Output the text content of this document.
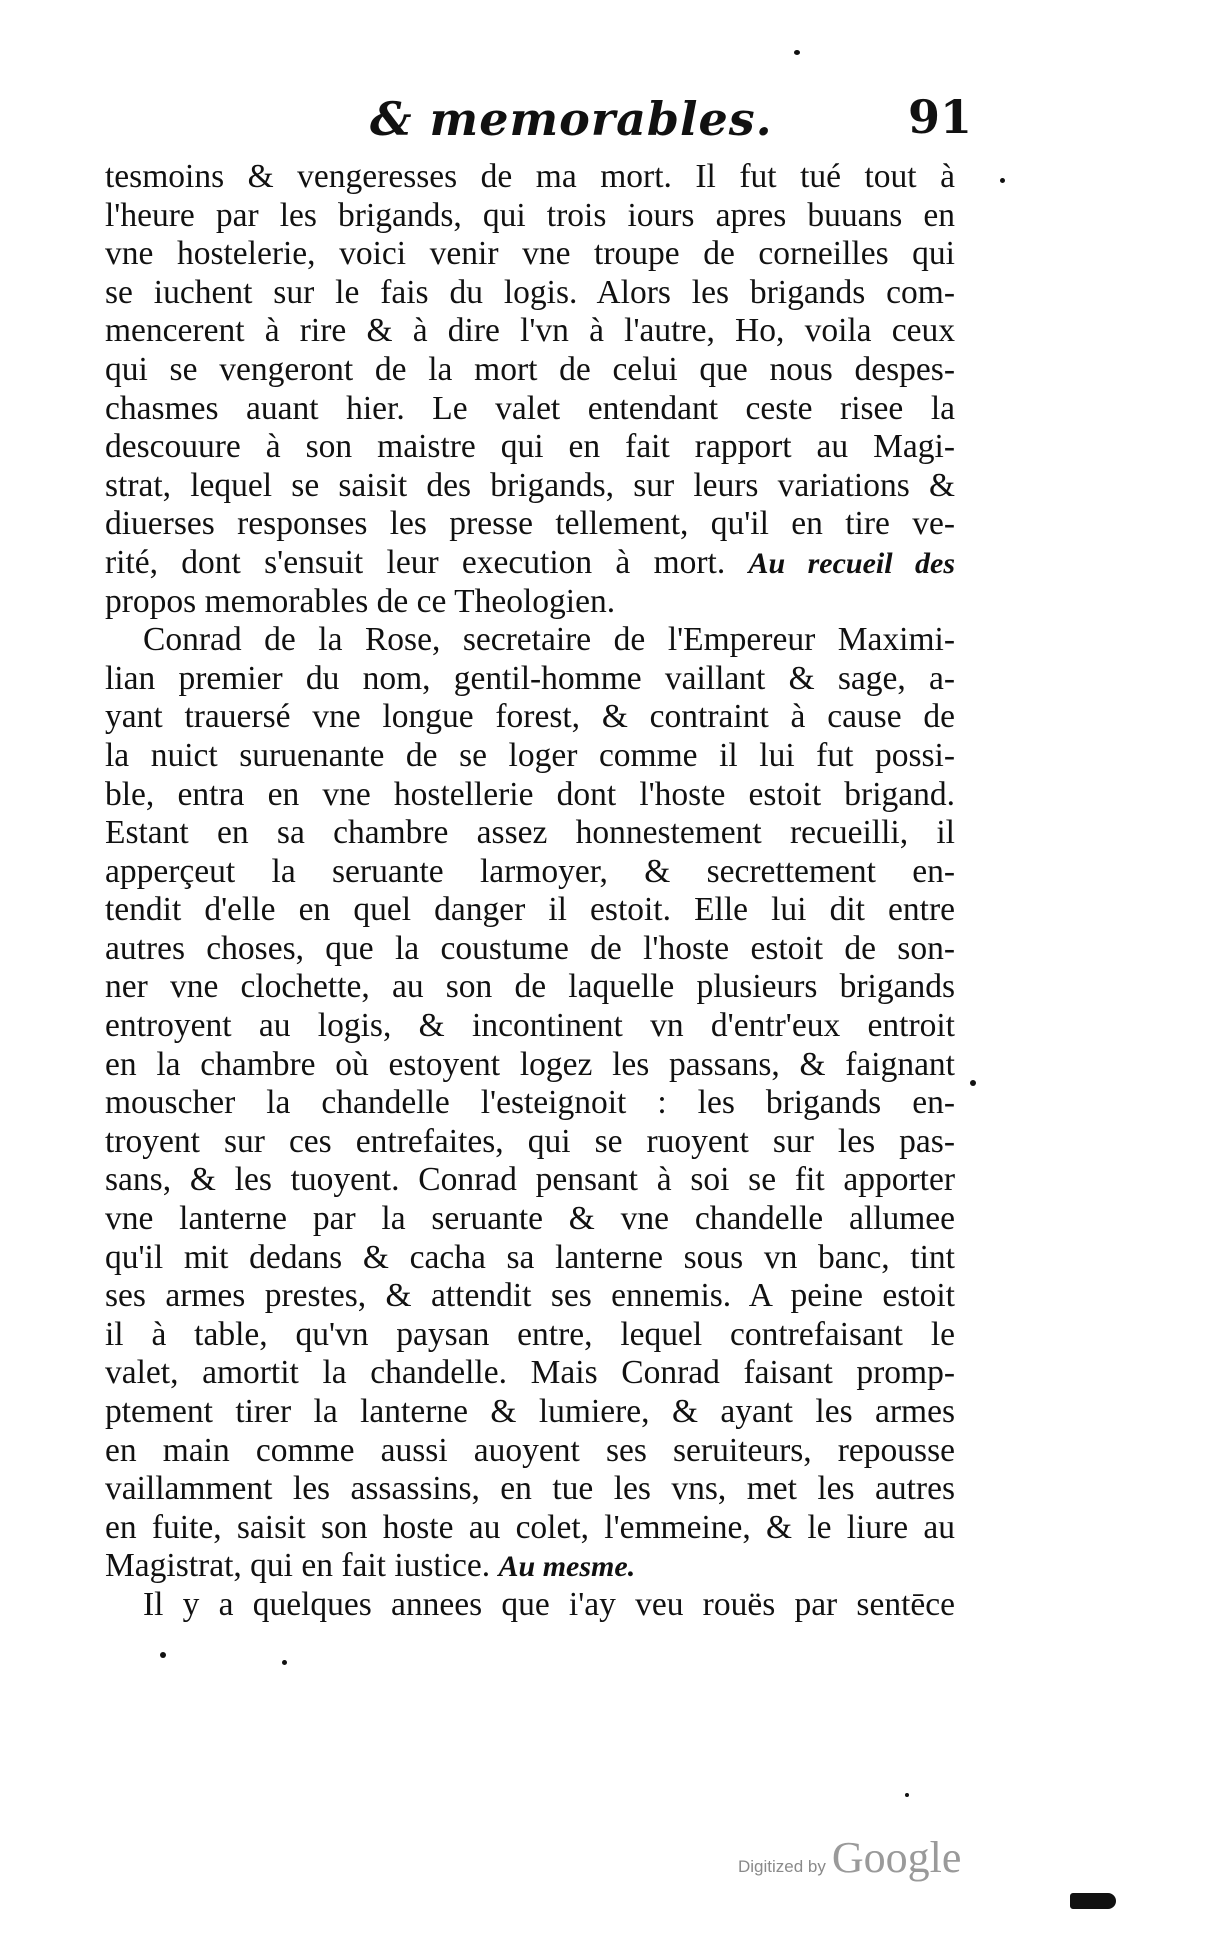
& memorables.	91
tesmoins & vengeresses de ma mort. Il fut tué tout à
l'heure par les brigands, qui trois iours apres buuans en
vne hostelerie, voici venir vne troupe de corneilles qui
se iuchent sur le fais du logis. Alors les brigands com-
mencerent à rire & à dire l'vn à l'autre, Ho, voila ceux
qui se vengeront de la mort de celui que nous despes-
chasmes auant hier. Le valet entendant ceste risee la
descouure à son maistre qui en fait rapport au Magi-
strat, lequel se saisit des brigands, sur leurs variations &
diuerses responses les presse tellement, qu'il en tire ve-
rité, dont s'ensuit leur execution à mort. Au recueil des
propos memorables de ce Theologien.
Conrad de la Rose, secretaire de l'Empereur Maximi-
lian premier du nom, gentil-homme vaillant & sage, a-
yant trauersé vne longue forest, & contraint à cause de
la nuict suruenante de se loger comme il lui fut possi-
ble, entra en vne hostellerie dont l'hoste estoit brigand.
Estant en sa chambre assez honnestement recueilli, il
apperçeut la seruante larmoyer, & secrettement en-
tendit d'elle en quel danger il estoit. Elle lui dit entre
autres choses, que la coustume de l'hoste estoit de son-
ner vne clochette, au son de laquelle plusieurs brigands
entroyent au logis, & incontinent vn d'entr'eux entroit
en la chambre où estoyent logez les passans, & faignant
mouscher la chandelle l'esteignoit : les brigands en-
troyent sur ces entrefaites, qui se ruoyent sur les pas-
sans, & les tuoyent. Conrad pensant à soi se fit apporter
vne lanterne par la seruante & vne chandelle allumee
qu'il mit dedans & cacha sa lanterne sous vn banc, tint
ses armes prestes, & attendit ses ennemis. A peine estoit
il à table, qu'vn paysan entre, lequel contrefaisant le
valet, amortit la chandelle. Mais Conrad faisant promp-
ptement tirer la lanterne & lumiere, & ayant les armes
en main comme aussi auoyent ses seruiteurs, repousse
vaillamment les assassins, en tue les vns, met les autres
en fuite, saisit son hoste au colet, l'emmeine, & le liure au
Magistrat, qui en fait iustice. Au mesme.
Il y a quelques annees que i'ay veu rouës par sentēce
Digitized by Google
